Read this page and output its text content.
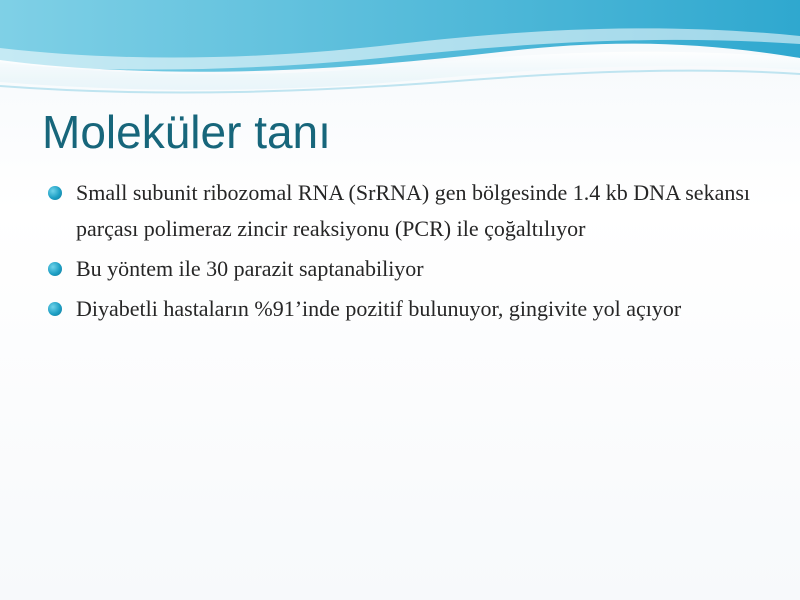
Moleküler tanı
Small subunit ribozomal RNA (SrRNA) gen bölgesinde 1.4 kb DNA sekansı parçası polimeraz zincir reaksiyonu (PCR) ile çoğaltılıyor
Bu yöntem ile 30 parazit saptanabiliyor
Diyabetli hastaların %91’inde pozitif bulunuyor, gingivite yol açıyor
